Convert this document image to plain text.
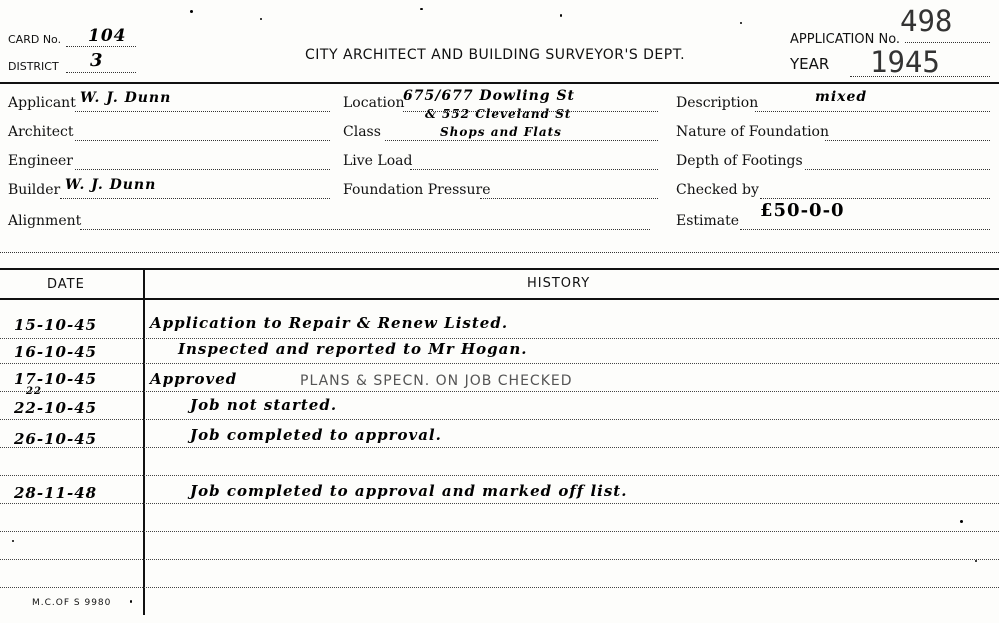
CARD No. 104
DISTRICT 3	CITY ARCHITECT AND BUILDING SURVEYOR'S DEPT.
APPLICATION No.
498
YEAR 1945
Applicant W. J. Dunn
Architect
Engineer
Builder W. J. Dunn
Alignment
Location
675/677 Dowling St
& 552 Cleveland St
Class	Shops and Flats
Live Load
Foundation Pressure
Description	mixed
Nature of Foundation
Depth of Footings
Checked by
Estimate £50-0-0
DATE	HISTORY
15-10-45	Application to Repair & Renew Listed.
16-10-45	Inspected and reported to Mr Hogan.
17-10-45	Approved	PLANS & SPECN. ON JOB CHECKED
22
22-10-45	Job not started.
26-10-45	Job completed to approval.
28-11-48	Job completed to approval and marked off list.
M.C.OF S 9980
